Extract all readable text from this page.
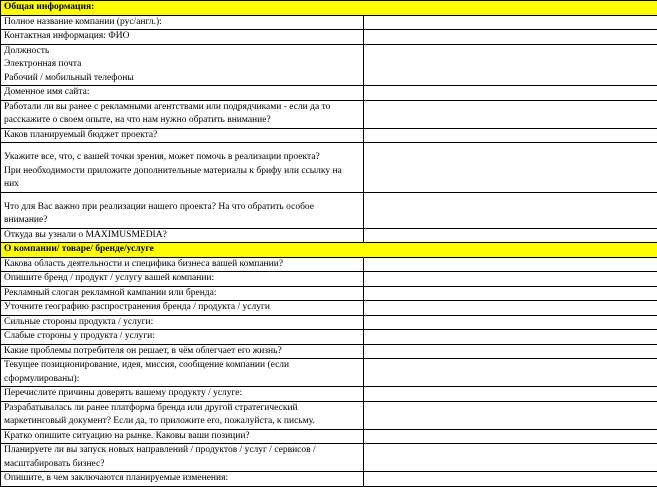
Общая информация:	

Полное название компании (рус/англ.):	

Контактная информация: ФИО	

Должность
Электронная почта
Рабочий / мобильный телефоны	

Доменное имя сайта:	

Работали ли вы ранее с рекламными агентствами или подрядчиками - если да то
расскажите о своем опыте, на что нам нужно обратить внимание?	

Каков планируемый бюджет проекта?	

Укажите все, что, с вашей точки зрения, может помочь в реализации проекта?
При необходимости приложите дополнительные материалы к брифу или ссылку на
них	

Что для Вас важно при реализации нашего проекта? На что обратить особое
внимание?	

Откуда вы узнали о MAXIMUSMEDIA?	

О компании/ товаре/ бренде/услуге	

Какова область деятельности и специфика бизнеса вашей компании?	

Опишите бренд / продукт / услугу вашей компании:	

Рекламный слоган рекламной кампании или бренда:	

Уточните географию распространения бренда / продукта / услуги	

Сильные стороны продукта / услуги:	

Слабые стороны у продукта / услуги:	

Какие проблемы потребителя он решает, в чём облегчает его жизнь?	

Текущее позиционирование, идея, миссия, сообщение компании (если
сформулированы):	

Перечислите причины доверять вашему продукту / услуге:	

Разрабатывалась ли ранее платформа бренда или другой стратегический
маркетинговый документ? Если да, то приложите его, пожалуйста, к письму.	

Кратко опишите ситуацию на рынке. Каковы ваши позиции?	

Планируете ли вы запуск новых направлений / продуктов / услуг / сервисов /
масштабировать бизнес?	

Опишите, в чем заключаются планируемые изменения:	
